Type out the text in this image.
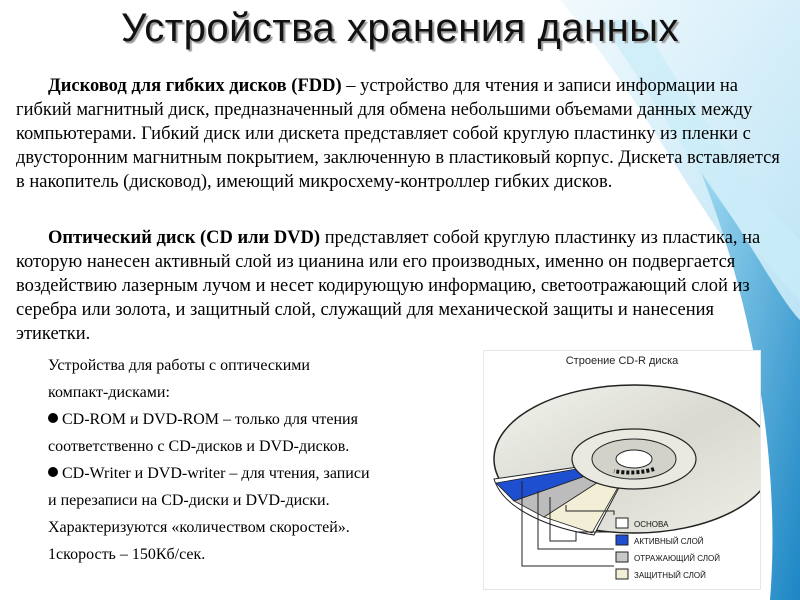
Устройства хранения данных

Дисковод для гибких дисков (FDD) – устройство для чтения и записи информации на гибкий магнитный диск, предназначенный для обмена небольшими объемами данных между компьютерами. Гибкий диск или дискета представляет собой круглую пластинку из пленки с двусторонним магнитным покрытием, заключенную в пластиковый корпус. Дискета вставляется в накопитель (дисковод), имеющий микросхему-контроллер гибких дисков.

Оптический диск (CD или DVD) представляет собой круглую пластинку из пластика, на которую нанесен активный слой из цианина или его производных, именно он подвергается воздействию лазерным лучом и несет кодирующую информацию, светоотражающий слой из серебра или золота, и защитный слой, служащий для механической защиты и нанесения этикетки.

Устройства для работы с оптическими
компакт-дисками:
CD-ROM и DVD-ROM – только для чтения
соответственно с CD-дисков и DVD-дисков.
CD-Writer и DVD-writer – для чтения, записи
и перезаписи на CD-диски и DVD-диски.
Характеризуются «количеством скоростей».
1скорость – 150Кб/сек.
ОСНОВА
АКТИВНЫЙ СЛОЙ
ОТРАЖАЮЩИЙ СЛОЙ
ЗАЩИТНЫЙ СЛОЙ
Строение CD-R диска
